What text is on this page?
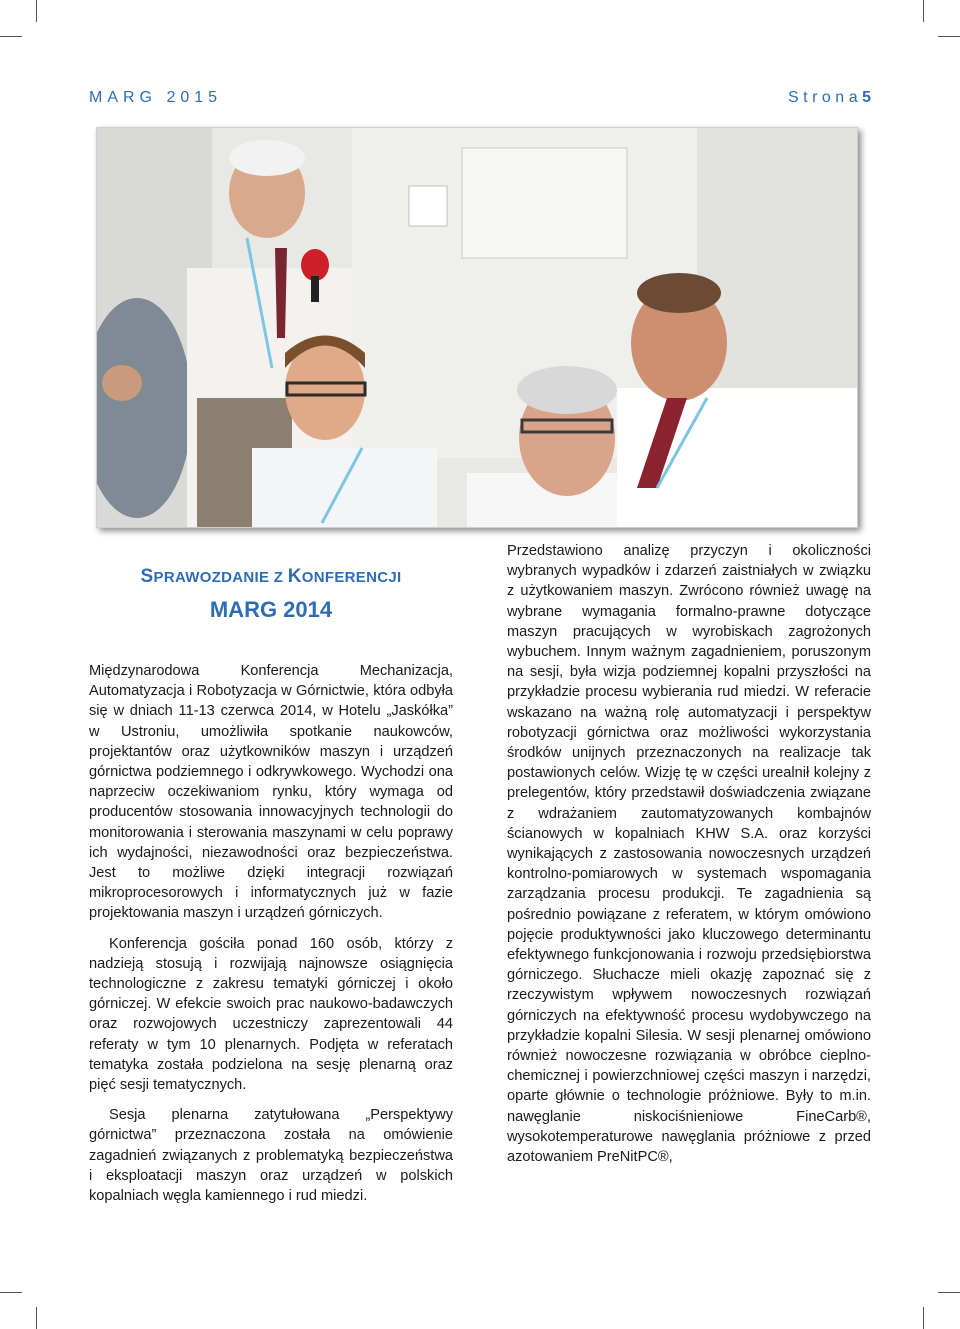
MARG 2015	Strona5
SPRAWOZDANIE Z KONFERENCJI
MARG 2014

Międzynarodowa Konferencja Mechanizacja, Automatyzacja i Robotyzacja w Górnictwie, która odbyła się w dniach 11-13 czerwca 2014, w Hotelu „Jaskółka” w Ustroniu, umożliwiła spotkanie naukowców, projektantów oraz użytkowników maszyn i urządzeń górnictwa podziemnego i odkrywkowego. Wychodzi ona naprzeciw oczekiwaniom rynku, który wymaga od producentów stosowania innowacyjnych technologii do monitorowania i sterowania maszynami w celu poprawy ich wydajności, niezawodności oraz bezpieczeństwa. Jest to możliwe dzięki integracji rozwiązań mikroprocesorowych i informatycznych już w fazie projektowania maszyn i urządzeń górniczych.

Konferencja gościła ponad 160 osób, którzy z nadzieją stosują i rozwijają najnowsze osiągnięcia technologiczne z zakresu tematyki górniczej i około górniczej. W efekcie swoich prac naukowo-badawczych oraz rozwojowych uczestniczy zaprezentowali 44 referaty w tym 10 plenarnych. Podjęta w referatach tematyka została podzielona na sesję plenarną oraz pięć sesji tematycznych.

Sesja plenarna zatytułowana „Perspektywy górnictwa” przeznaczona została na omówienie zagadnień związanych z problematyką bezpieczeństwa i eksploatacji maszyn oraz urządzeń w polskich kopalniach węgla kamiennego i rud miedzi.

Przedstawiono analizę przyczyn i okoliczności wybranych wypadków i zdarzeń zaistniałych w związku z użytkowaniem maszyn. Zwrócono również uwagę na wybrane wymagania formalno-prawne dotyczące maszyn pracujących w wyrobiskach zagrożonych wybuchem. Innym ważnym zagadnieniem, poruszonym na sesji, była wizja podziemnej kopalni przyszłości na przykładzie procesu wybierania rud miedzi. W referacie wskazano na ważną rolę automatyzacji i perspektyw robotyzacji górnictwa oraz możliwości wykorzystania środków unijnych przeznaczonych na realizacje tak postawionych celów. Wizję tę w części urealnił kolejny z prelegentów, który przedstawił doświadczenia związane z wdrażaniem zautomatyzowanych kombajnów ścianowych w kopalniach KHW S.A. oraz korzyści wynikających z zastosowania nowoczesnych urządzeń kontrolno-pomiarowych w systemach wspomagania zarządzania procesu produkcji. Te zagadnienia są pośrednio powiązane z referatem, w którym omówiono pojęcie produktywności jako kluczowego determinantu efektywnego funkcjonowania i rozwoju przedsiębiorstwa górniczego. Słuchacze mieli okazję zapoznać się z rzeczywistym wpływem nowoczesnych rozwiązań górniczych na efektywność procesu wydobywczego na przykładzie kopalni Silesia. W sesji plenarnej omówiono również nowoczesne rozwiązania w obróbce cieplno-chemicznej i powierzchniowej części maszyn i narzędzi, oparte głównie o technologie próżniowe. Były to m.in. nawęglanie niskociśnieniowe FineCarb®, wysokotemperaturowe nawęglania próżniowe z przed azotowaniem PreNitPC®,
